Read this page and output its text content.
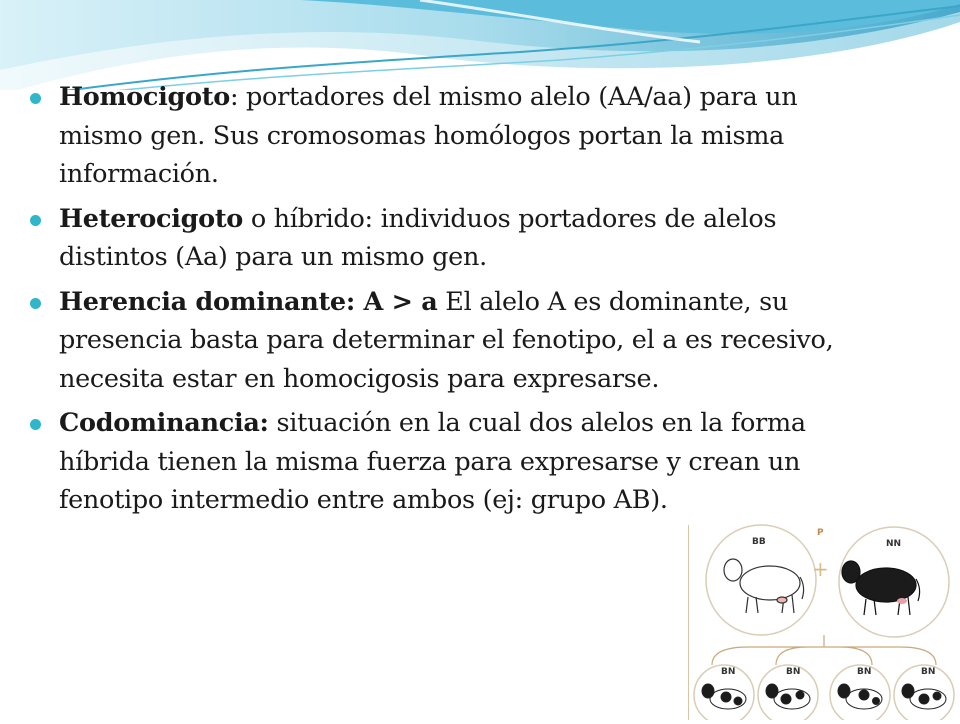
Homocigoto: portadores del mismo alelo (AA/aa) para un mismo gen. Sus cromosomas homólogos portan la misma información.
Heterocigoto o híbrido: individuos portadores de alelos distintos (Aa) para un mismo gen.
Herencia dominante: A > a El alelo A es dominante, su presencia basta para determinar el fenotipo, el a es recesivo, necesita estar en homocigosis para expresarse.
Codominancia: situación en la cual dos alelos en la forma híbrida tienen la misma fuerza para expresarse y crean un fenotipo intermedio entre ambos (ej: grupo AB).
P
BB	NN
+
BN	BN	BN	BN
